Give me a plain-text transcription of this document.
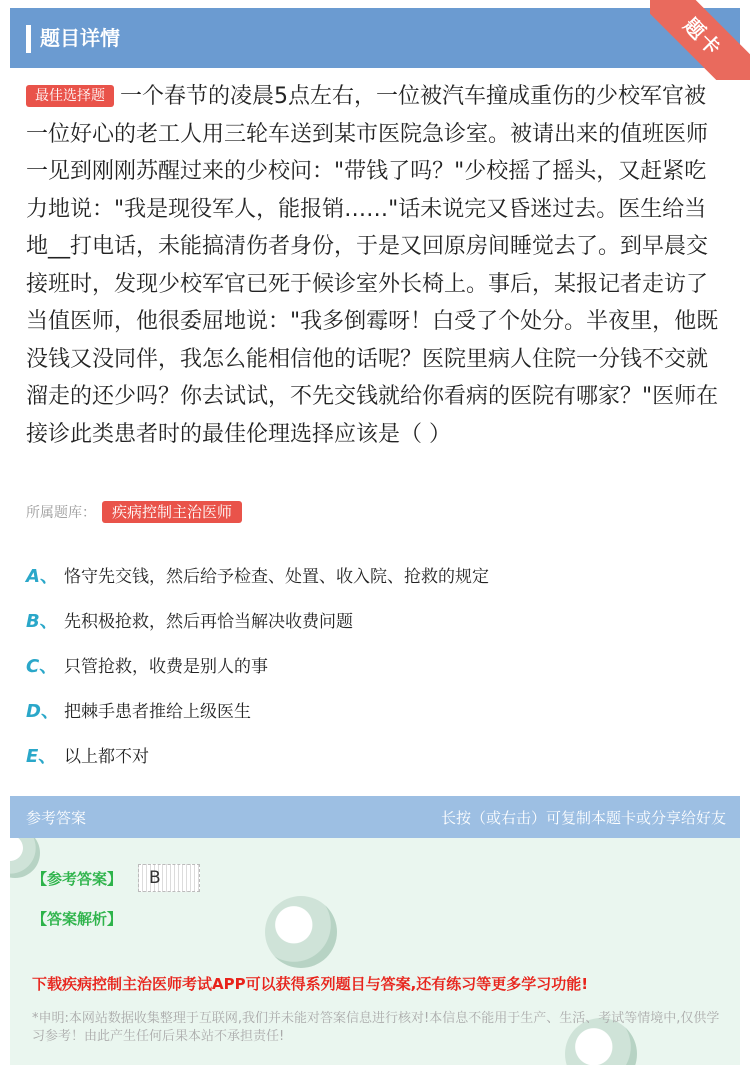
题目详情	题卡
最佳选择题 一个春节的凌晨5点左右，一位被汽车撞成重伤的少校军官被一位好心的老工人用三轮车送到某市医院急诊室。被请出来的值班医师一见到刚刚苏醒过来的少校问："带钱了吗？"少校摇了摇头，又赶紧吃力地说："我是现役军人，能报销……"话未说完又昏迷过去。医生给当地__打电话，未能搞清伤者身份，于是又回原房间睡觉去了。到早晨交接班时，发现少校军官已死于候诊室外长椅上。事后，某报记者走访了当值医师，他很委屈地说："我多倒霉呀！白受了个处分。半夜里，他既没钱又没同伴，我怎么能相信他的话呢？医院里病人住院一分钱不交就溜走的还少吗？你去试试，不先交钱就给你看病的医院有哪家？"医师在接诊此类患者时的最佳伦理选择应该是（ ）
所属题库：	疾病控制主治医师
A、 恪守先交钱，然后给予检查、处置、收入院、抢救的规定
B、 先积极抢救，然后再恰当解决收费问题
C、 只管抢救，收费是别人的事
D、 把棘手患者推给上级医生
E、 以上都不对
参考答案	长按（或右击）可复制本题卡或分享给好友
【参考答案】	B
【答案解析】
下载疾病控制主治医师考试APP可以获得系列题目与答案,还有练习等更多学习功能!
*申明:本网站数据收集整理于互联网,我们并未能对答案信息进行核对!本信息不能用于生产、生活、考试等情境中,仅供学习参考！由此产生任何后果本站不承担责任!
